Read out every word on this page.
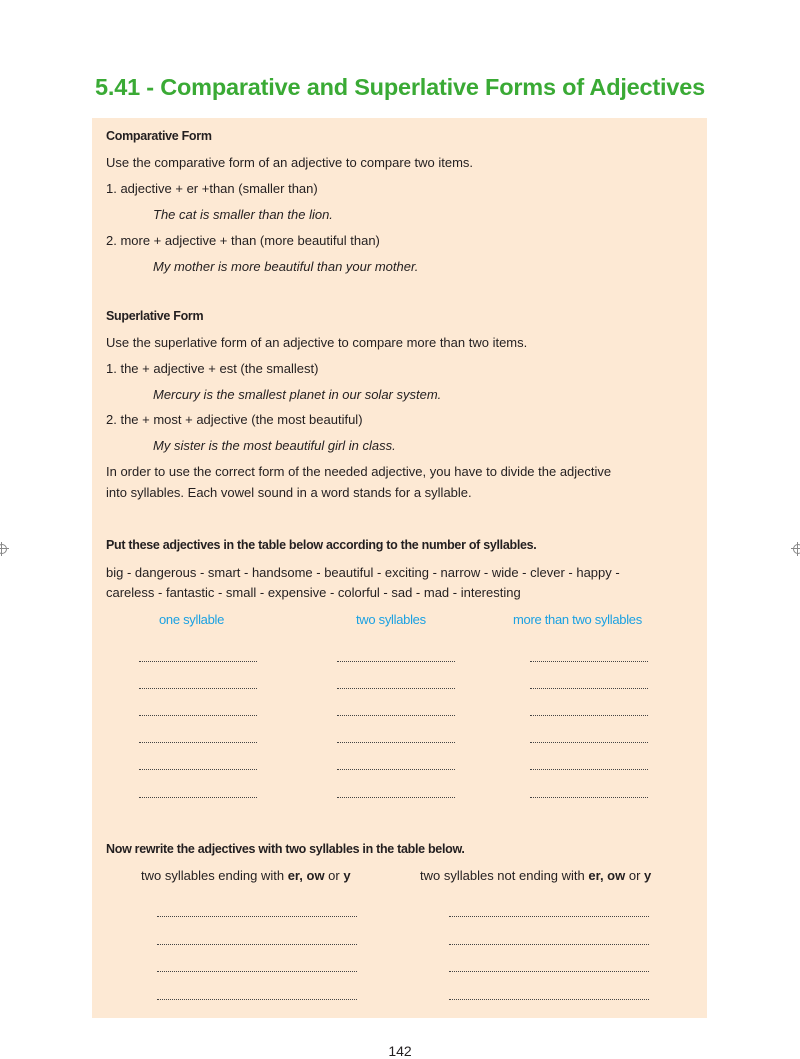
5.41 - Comparative and Superlative Forms of Adjectives
Comparative Form
Use the comparative form of an adjective to compare two items.
1. adjective + er +than (smaller than)
The cat is smaller than the lion.
2. more + adjective + than (more beautiful than)
My mother is more beautiful than your mother.
Superlative Form
Use the superlative form of an adjective to compare more than two items.
1. the + adjective + est (the smallest)
Mercury is the smallest planet in our solar system.
2. the + most + adjective (the most beautiful)
My sister is the most beautiful girl in class.
In order to use the correct form of the needed adjective, you have to divide the adjective
into syllables. Each vowel sound in a word stands for a syllable.
Put these adjectives in the table below according to the number of syllables.
big - dangerous - smart - handsome - beautiful - exciting - narrow - wide - clever - happy -
careless - fantastic - small - expensive - colorful - sad - mad - interesting
one syllable	two syllables	more than two syllables
Now rewrite the adjectives with two syllables in the table below.
two syllables ending with er, ow or y	two syllables not ending with er, ow or y
142
